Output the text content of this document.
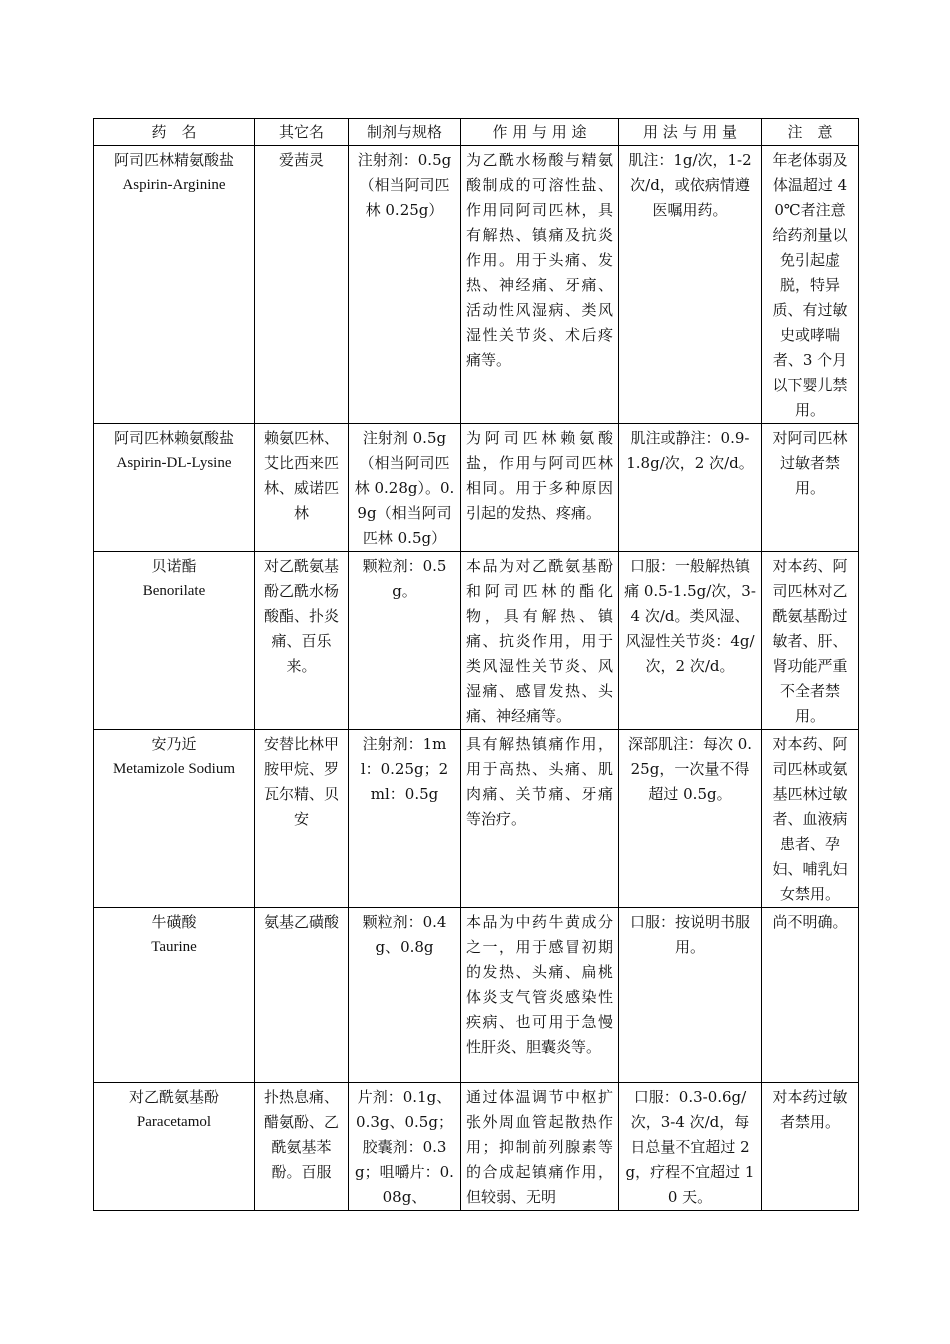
药　名	其它名	制剂与规格	作 用 与 用 途	用 法 与 用 量	注　意

阿司匹林精氨酸盐
Aspirin-Arginine	爱茜灵	注射剂：0.5g（相当阿司匹林 0.25g）	为乙酰水杨酸与精氨酸制成的可溶性盐、作用同阿司匹林，具有解热、镇痛及抗炎作用。用于头痛、发热、神经痛、牙痛、活动性风湿病、类风湿性关节炎、术后疼痛等。	肌注：1g/次，1-2次/d，或依病情遵医嘱用药。	年老体弱及体温超过 40℃者注意给药剂量以免引起虚脱，特异质、有过敏史或哮喘者、3 个月以下婴儿禁用。

阿司匹林赖氨酸盐
Aspirin-DL-Lysine	赖氨匹林、艾比西来匹林、威诺匹林	注射剂 0.5g（相当阿司匹林 0.28g）。0.9g（相当阿司匹林 0.5g）	为阿司匹林赖氨酸盐，作用与阿司匹林相同。用于多种原因引起的发热、疼痛。	肌注或静注：0.9-1.8g/次，2 次/d。	对阿司匹林过敏者禁用。

贝诺酯
Benorilate	对乙酰氨基酚乙酰水杨酸酯、扑炎痛、百乐来。	颗粒剂：0.5g。	本品为对乙酰氨基酚和阿司匹林的酯化物，具有解热、镇痛、抗炎作用，用于类风湿性关节炎、风湿痛、感冒发热、头痛、神经痛等。	口服：一般解热镇痛 0.5-1.5g/次，3-4 次/d。类风湿、风湿性关节炎：4g/次，2 次/d。	对本药、阿司匹林对乙酰氨基酚过敏者、肝、肾功能严重不全者禁用。

安乃近
Metamizole Sodium	安替比林甲胺甲烷、罗瓦尔精、贝安	注射剂：1ml：0.25g；2ml：0.5g	具有解热镇痛作用，用于高热、头痛、肌肉痛、关节痛、牙痛等治疗。	深部肌注：每次 0.25g，一次量不得超过 0.5g。	对本药、阿司匹林或氨基匹林过敏者、血液病患者、孕妇、哺乳妇女禁用。

牛磺酸
Taurine	氨基乙磺酸	颗粒剂：0.4g、0.8g	本品为中药牛黄成分之一，用于感冒初期的发热、头痛、扁桃体炎支气管炎感染性疾病、也可用于急慢性肝炎、胆囊炎等。	口服：按说明书服用。	尚不明确。

对乙酰氨基酚
Paracetamol	扑热息痛、醋氨酚、乙酰氨基苯酚。百服	片剂：0.1g、0.3g、0.5g；胶囊剂：0.3g；咀嚼片：0.08g、	通过体温调节中枢扩张外周血管起散热作用；抑制前列腺素等的合成起镇痛作用，但较弱、无明	口服：0.3-0.6g/次，3-4 次/d，每日总量不宜超过 2g，疗程不宜超过 10 天。	对本药过敏者禁用。
